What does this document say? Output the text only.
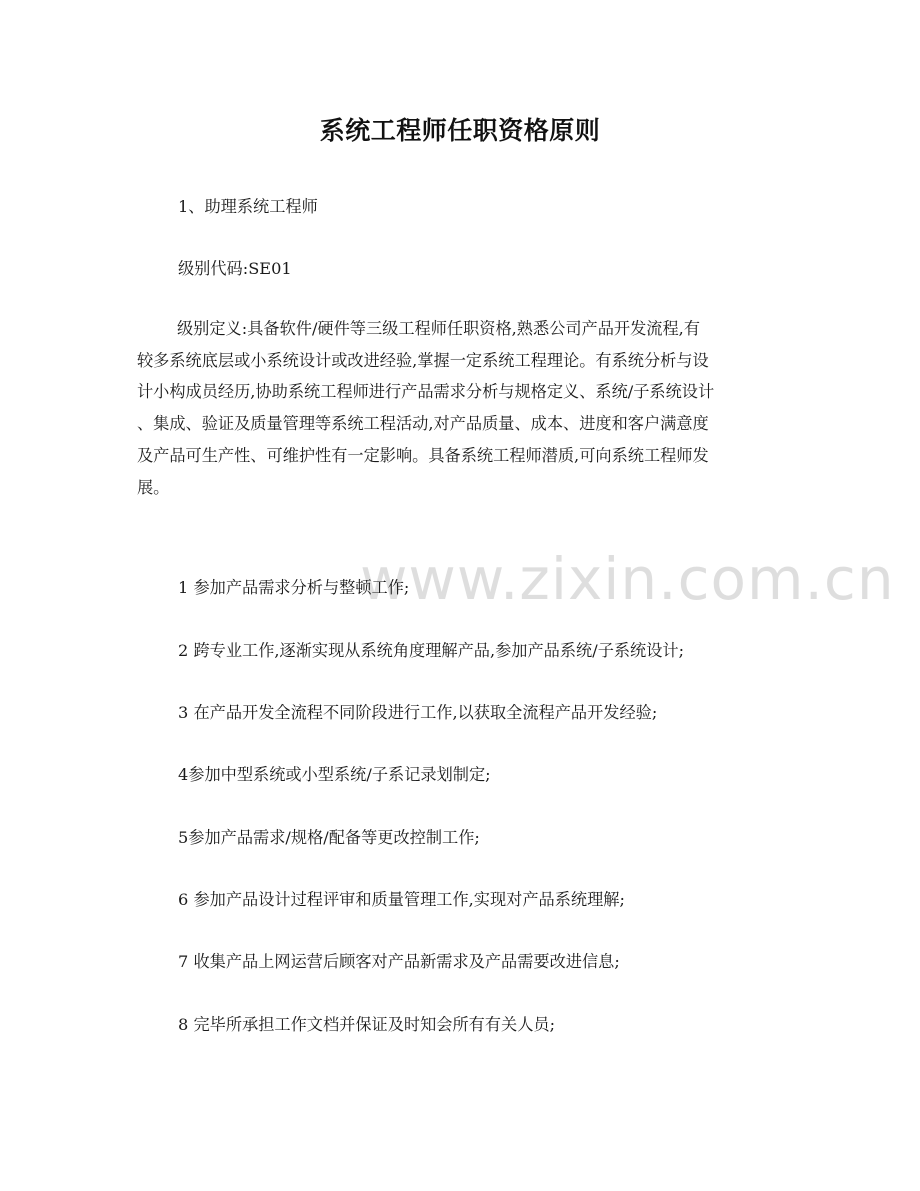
www.zixin.com.cn
系统工程师任职资格原则
1、助理系统工程师
级别代码:SE01
级别定义:具备软件/硬件等三级工程师任职资格,熟悉公司产品开发流程,有
较多系统底层或小系统设计或改进经验,掌握一定系统工程理论。有系统分析与设
计小构成员经历,协助系统工程师进行产品需求分析与规格定义、系统/子系统设计
、集成、验证及质量管理等系统工程活动,对产品质量、成本、进度和客户满意度
及产品可生产性、可维护性有一定影响。具备系统工程师潜质,可向系统工程师发
展。
1 参加产品需求分析与整顿工作;
2 跨专业工作,逐渐实现从系统角度理解产品,参加产品系统/子系统设计;
3 在产品开发全流程不同阶段进行工作,以获取全流程产品开发经验;
4参加中型系统或小型系统/子系记录划制定;
5参加产品需求/规格/配备等更改控制工作;
6 参加产品设计过程评审和质量管理工作,实现对产品系统理解;
7 收集产品上网运营后顾客对产品新需求及产品需要改进信息;
8 完毕所承担工作文档并保证及时知会所有有关人员;
